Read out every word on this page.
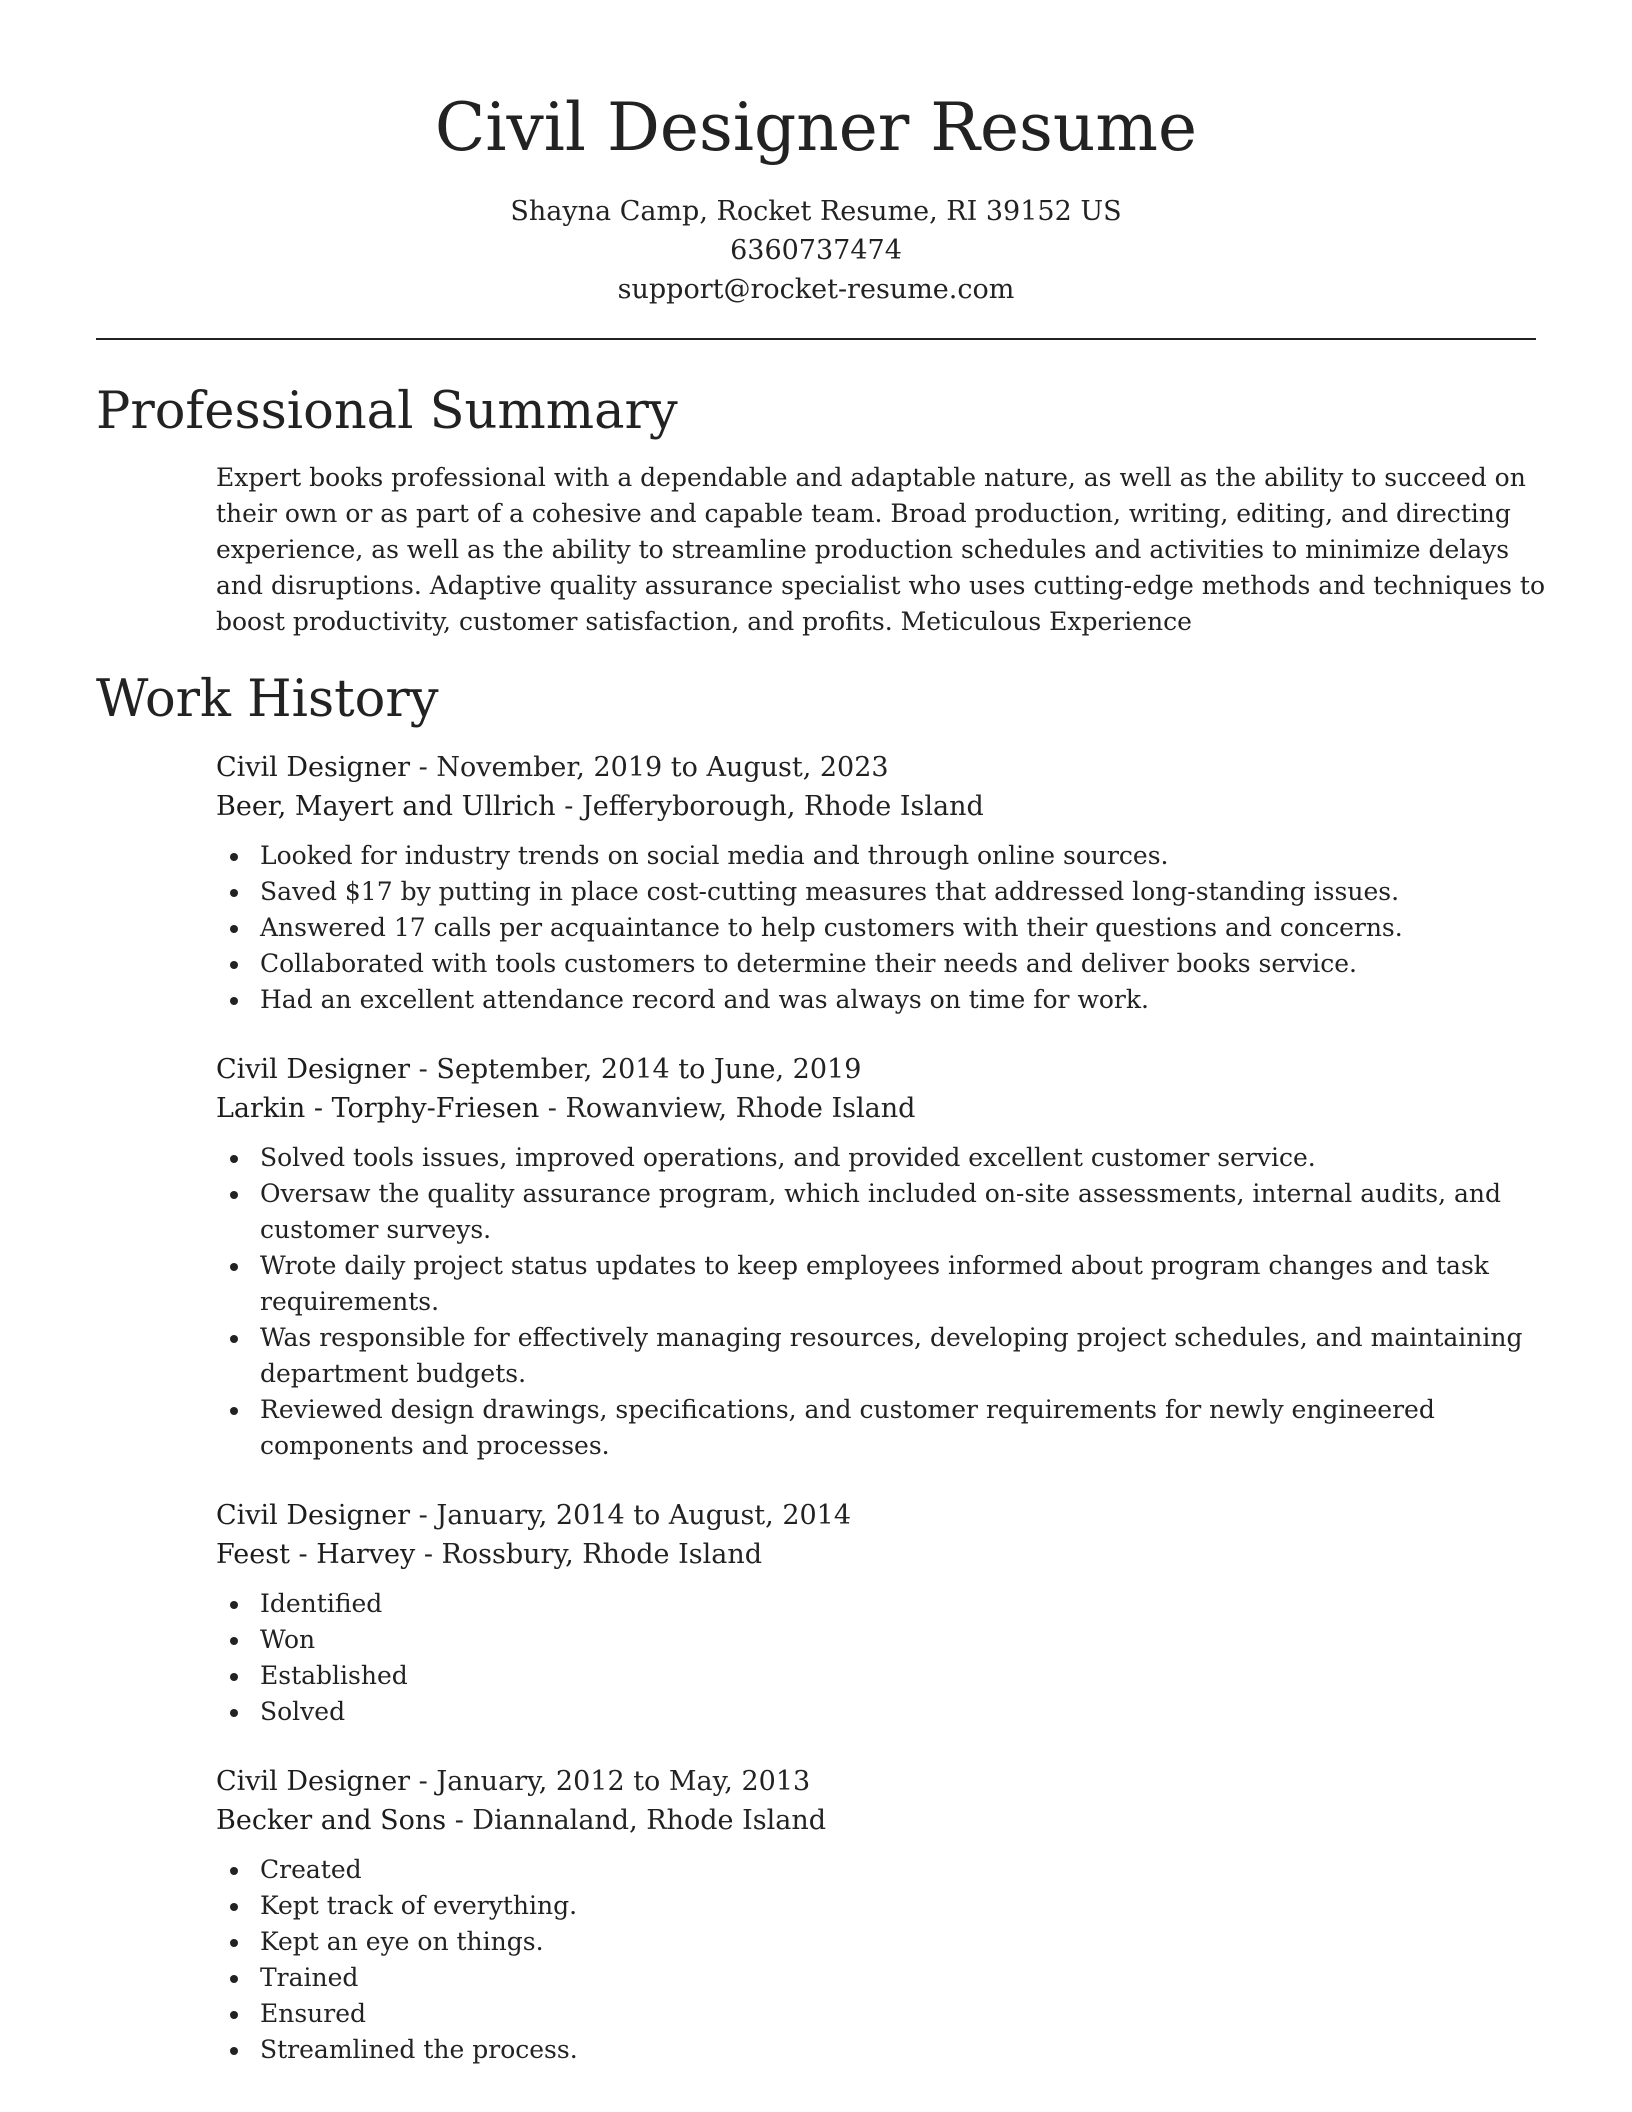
Civil Designer Resume
Shayna Camp, Rocket Resume, RI 39152 US
6360737474
support@rocket-resume.com
Professional Summary

Expert books professional with a dependable and adaptable nature, as well as the ability to succeed on their own or as part of a cohesive and capable team. Broad production, writing, editing, and directing experience, as well as the ability to streamline production schedules and activities to minimize delays and disruptions. Adaptive quality assurance specialist who uses cutting-edge methods and techniques to boost productivity, customer satisfaction, and profits. Meticulous Experience

Work History
Civil Designer - November, 2019 to August, 2023
Beer, Mayert and Ullrich - Jefferyborough, Rhode Island
Looked for industry trends on social media and through online sources.
Saved $17 by putting in place cost-cutting measures that addressed long-standing issues.
Answered 17 calls per acquaintance to help customers with their questions and concerns.
Collaborated with tools customers to determine their needs and deliver books service.
Had an excellent attendance record and was always on time for work.
Civil Designer - September, 2014 to June, 2019
Larkin - Torphy-Friesen - Rowanview, Rhode Island
Solved tools issues, improved operations, and provided excellent customer service.
Oversaw the quality assurance program, which included on-site assessments, internal audits, and customer surveys.
Wrote daily project status updates to keep employees informed about program changes and task requirements.
Was responsible for effectively managing resources, developing project schedules, and maintaining department budgets.
Reviewed design drawings, specifications, and customer requirements for newly engineered components and processes.
Civil Designer - January, 2014 to August, 2014
Feest - Harvey - Rossbury, Rhode Island
Identified
Won
Established
Solved
Civil Designer - January, 2012 to May, 2013
Becker and Sons - Diannaland, Rhode Island
Created
Kept track of everything.
Kept an eye on things.
Trained
Ensured
Streamlined the process.
